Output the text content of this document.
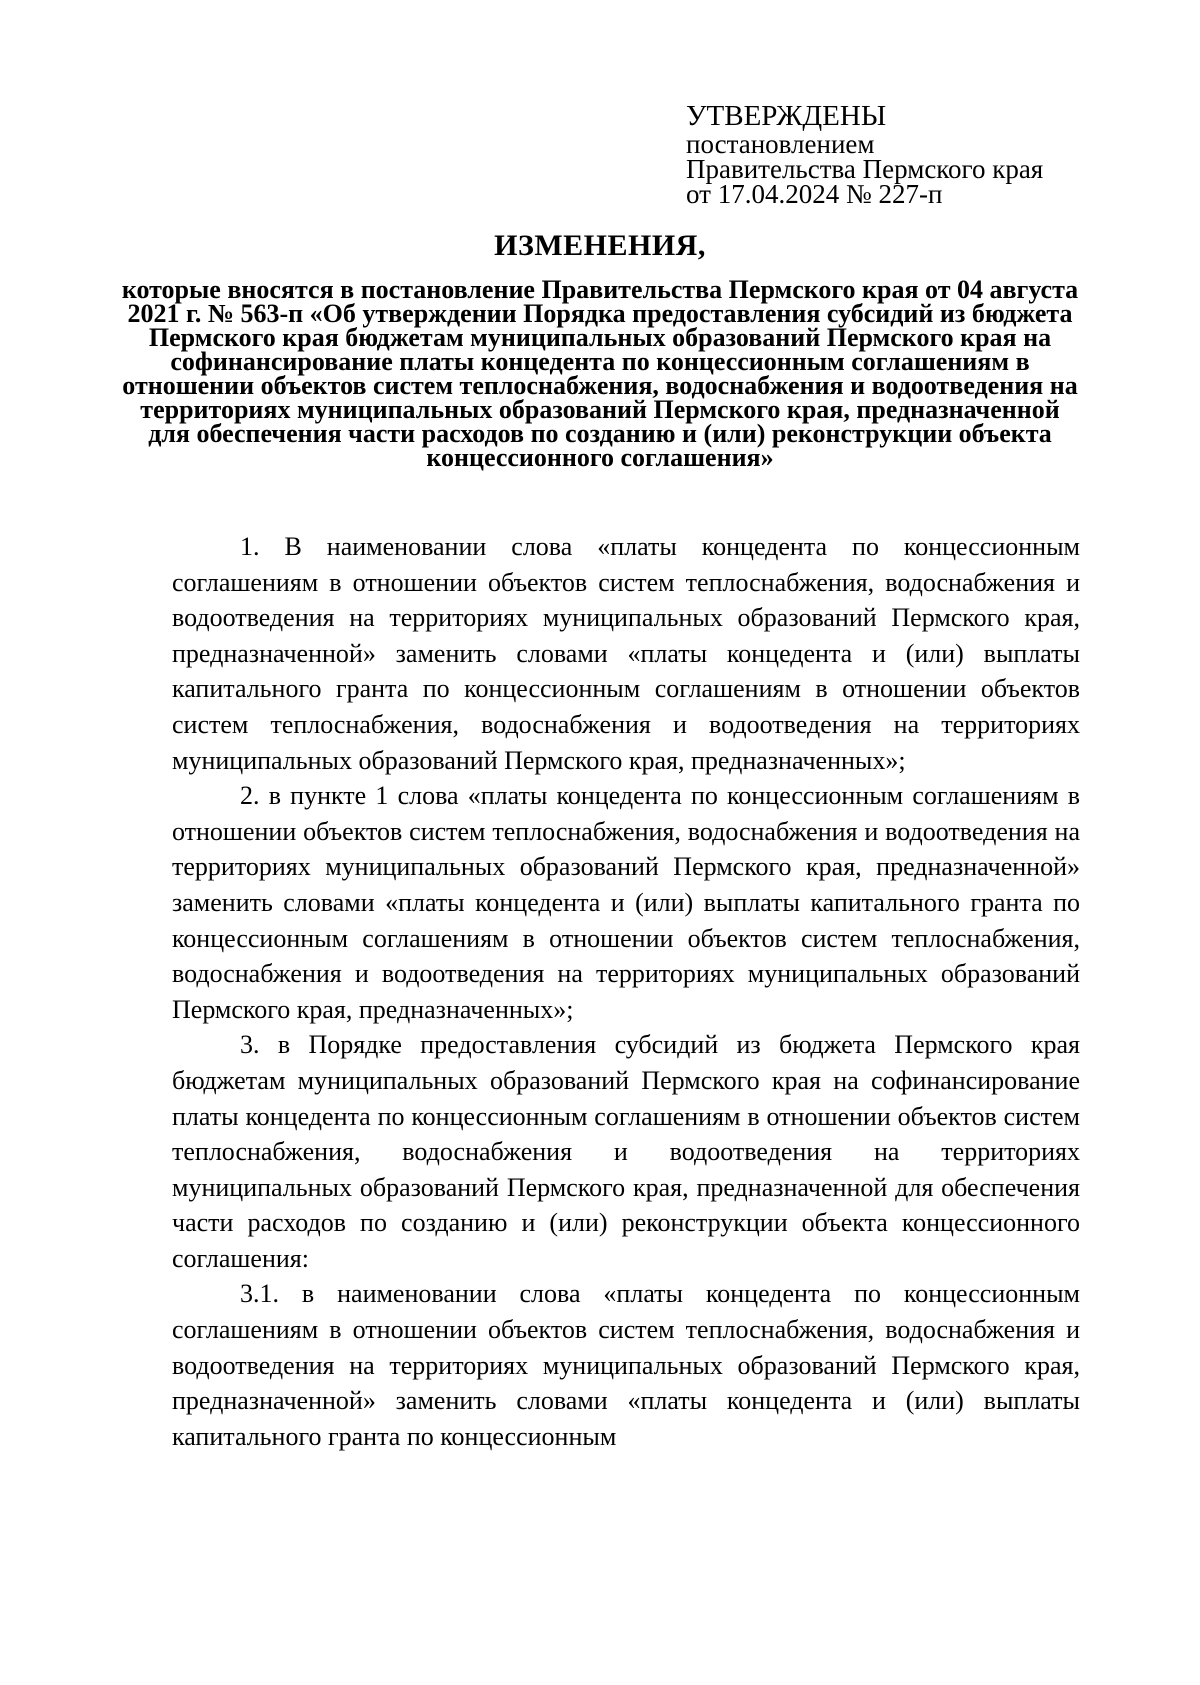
УТВЕРЖДЕНЫ
постановлением
Правительства Пермского края
от 17.04.2024 № 227-п
ИЗМЕНЕНИЯ,
которые вносятся в постановление Правительства Пермского края от 04 августа 2021 г. № 563-п «Об утверждении Порядка предоставления субсидий из бюджета Пермского края бюджетам муниципальных образований Пермского края на софинансирование платы концедента по концессионным соглашениям в отношении объектов систем теплоснабжения, водоснабжения и водоотведения на территориях муниципальных образований Пермского края, предназначенной для обеспечения части расходов по созданию и (или) реконструкции объекта концессионного соглашения»

1. В наименовании слова «платы концедента по концессионным соглашениям в отношении объектов систем теплоснабжения, водоснабжения и водоотведения на территориях муниципальных образований Пермского края, предназначенной» заменить словами «платы концедента и (или) выплаты капитального гранта по концессионным соглашениям в отношении объектов систем теплоснабжения, водоснабжения и водоотведения на территориях муниципальных образований Пермского края, предназначенных»;

2. в пункте 1 слова «платы концедента по концессионным соглашениям в отношении объектов систем теплоснабжения, водоснабжения и водоотведения на территориях муниципальных образований Пермского края, предназначенной» заменить словами «платы концедента и (или) выплаты капитального гранта по концессионным соглашениям в отношении объектов систем теплоснабжения, водоснабжения и водоотведения на территориях муниципальных образований Пермского края, предназначенных»;

3. в Порядке предоставления субсидий из бюджета Пермского края бюджетам муниципальных образований Пермского края на софинансирование платы концедента по концессионным соглашениям в отношении объектов систем теплоснабжения, водоснабжения и водоотведения на территориях муниципальных образований Пермского края, предназначенной для обеспечения части расходов по созданию и (или) реконструкции объекта концессионного соглашения:

3.1. в наименовании слова «платы концедента по концессионным соглашениям в отношении объектов систем теплоснабжения, водоснабжения и водоотведения на территориях муниципальных образований Пермского края, предназначенной» заменить словами «платы концедента и (или) выплаты капитального гранта по концессионным
